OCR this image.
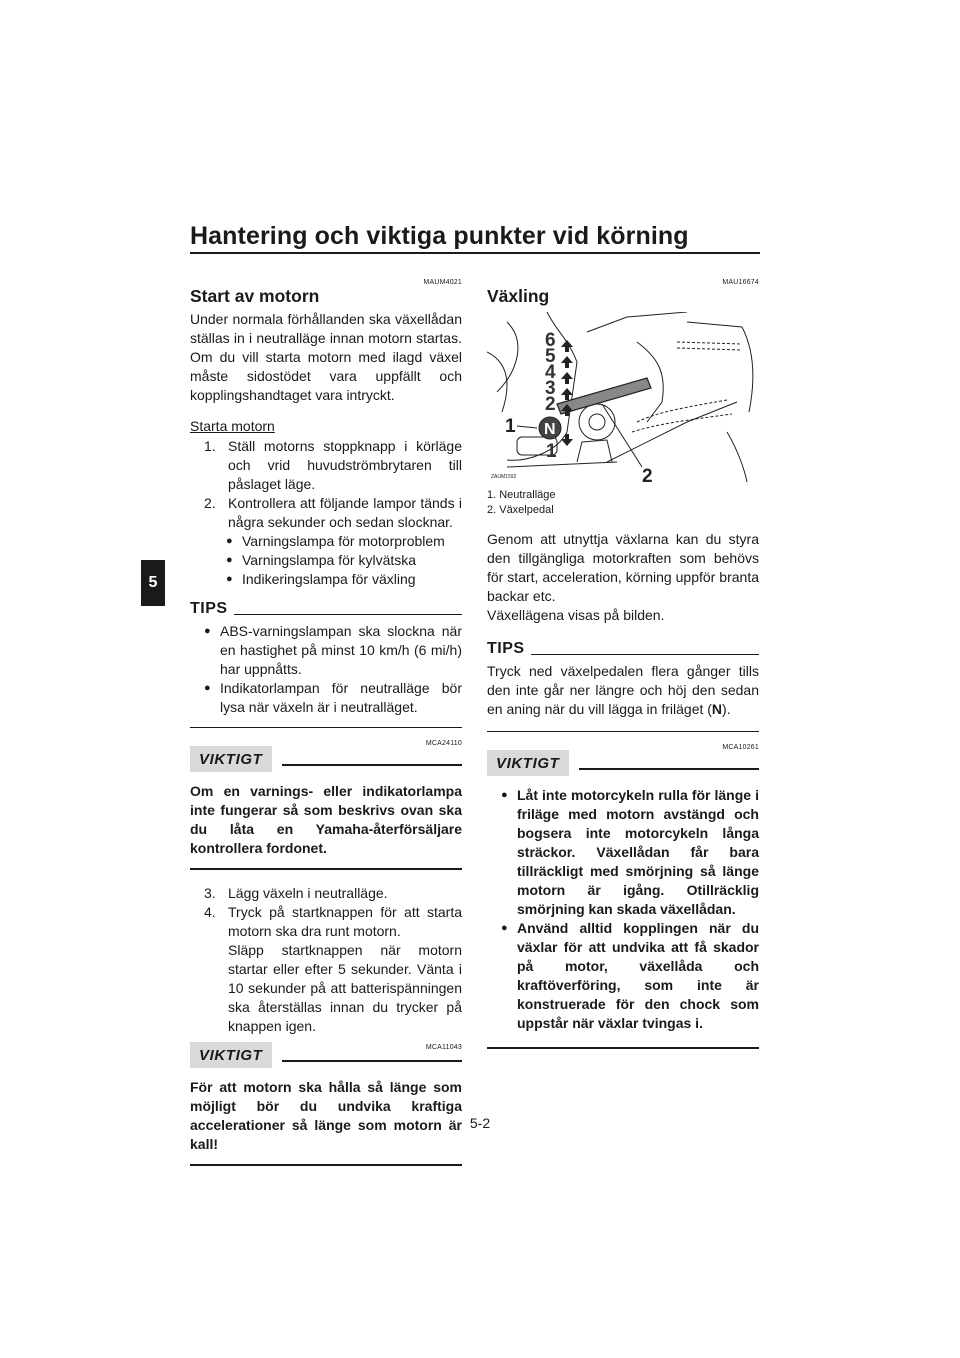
Hantering och viktiga punkter vid körning
5
MAUM4021
Start av motorn

Under normala förhållanden ska växellådan ställas in i neutralläge innan motorn startas. Om du vill starta motorn med ilagd växel måste sidostödet vara uppfällt och kopplingshandtaget vara intryckt.

Starta motorn
1. Ställ motorns stoppknapp i körläge och vrid huvudströmbrytaren till påslaget läge.
2. Kontrollera att följande lampor tänds i några sekunder och sedan slocknar.
● Varningslampa för motorproblem
● Varningslampa för kylvätska
● Indikeringslampa för växling
TIPS
● ABS-varningslampan ska slockna när en hastighet på minst 10 km/h (6 mi/h) har uppnåtts.
● Indikatorlampan för neutralläge bör lysa när växeln är i neutralläget.
MCA24110
VIKTIGT
Om en varnings- eller indikatorlampa inte fungerar så som beskrivs ovan ska du låta en Yamaha-återförsäljare kontrollera fordonet.
3. Lägg växeln i neutralläge.
4. Tryck på startknappen för att starta motorn ska dra runt motorn.
Släpp startknappen när motorn startar eller efter 5 sekunder. Vänta i 10 sekunder på att batterispänningen ska återställas innan du trycker på knappen igen.
MCA11043
VIKTIGT
För att motorn ska hålla så länge som möjligt bör du undvika kraftiga accelerationer så länge som motorn är kall!
MAU16674
Växling
6
5
4
3
2
N
1
1
2
ZAUM1592
1. Neutralläge
2. Växelpedal

Genom att utnyttja växlarna kan du styra den tillgängliga motorkraften som behövs för start, acceleration, körning uppför branta backar etc.

Växellägena visas på bilden.

TIPS

Tryck ned växelpedalen flera gånger tills den inte går ner längre och höj den sedan en aning när du vill lägga in friläget (N).

MCA10261
VIKTIGT
● Låt inte motorcykeln rulla för länge i friläge med motorn avstängd och bogsera inte motorcykeln långa sträckor. Växellådan får bara tillräckligt med smörjning så länge motorn är igång. Otillräcklig smörjning kan skada växellådan.
● Använd alltid kopplingen när du växlar för att undvika att få skador på motor, växellåda och kraftöverföring, som inte är konstruerade för den chock som uppstår när växlar tvingas i.
5-2
